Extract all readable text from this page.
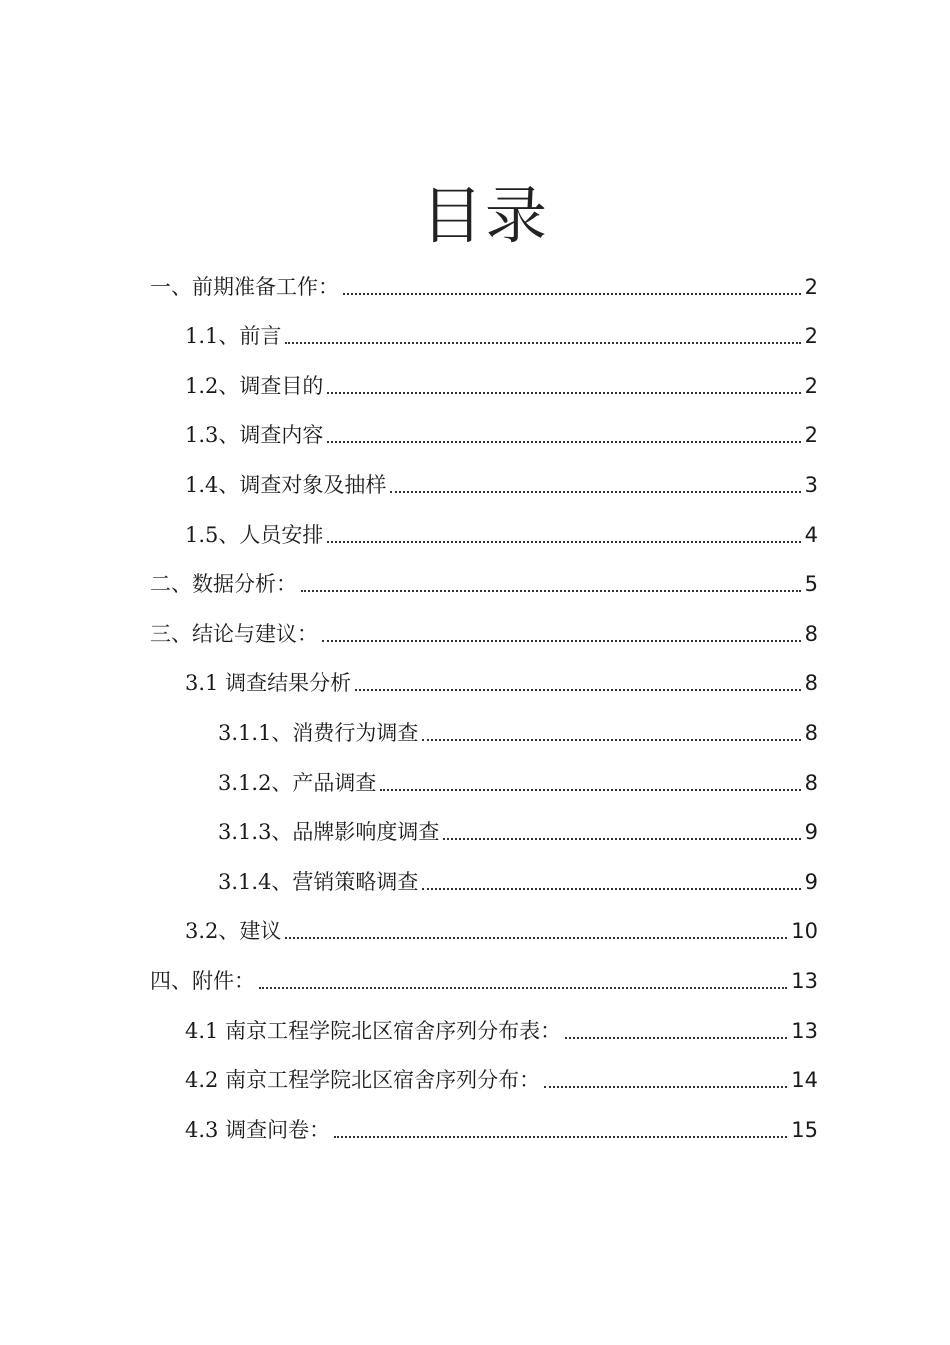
目录
一、前期准备工作：	2
1.1、前言	2
1.2、调查目的	2
1.3、调查内容	2
1.4、调查对象及抽样	3
1.5、人员安排	4
二、数据分析：	5
三、结论与建议：	8
3.1 调查结果分析	8
3.1.1、消费行为调查	8
3.1.2、产品调查	8
3.1.3、品牌影响度调查	9
3.1.4、营销策略调查	9
3.2、建议	10
四、附件：	13
4.1 南京工程学院北区宿舍序列分布表：	13
4.2 南京工程学院北区宿舍序列分布：	14
4.3 调查问卷：	15
